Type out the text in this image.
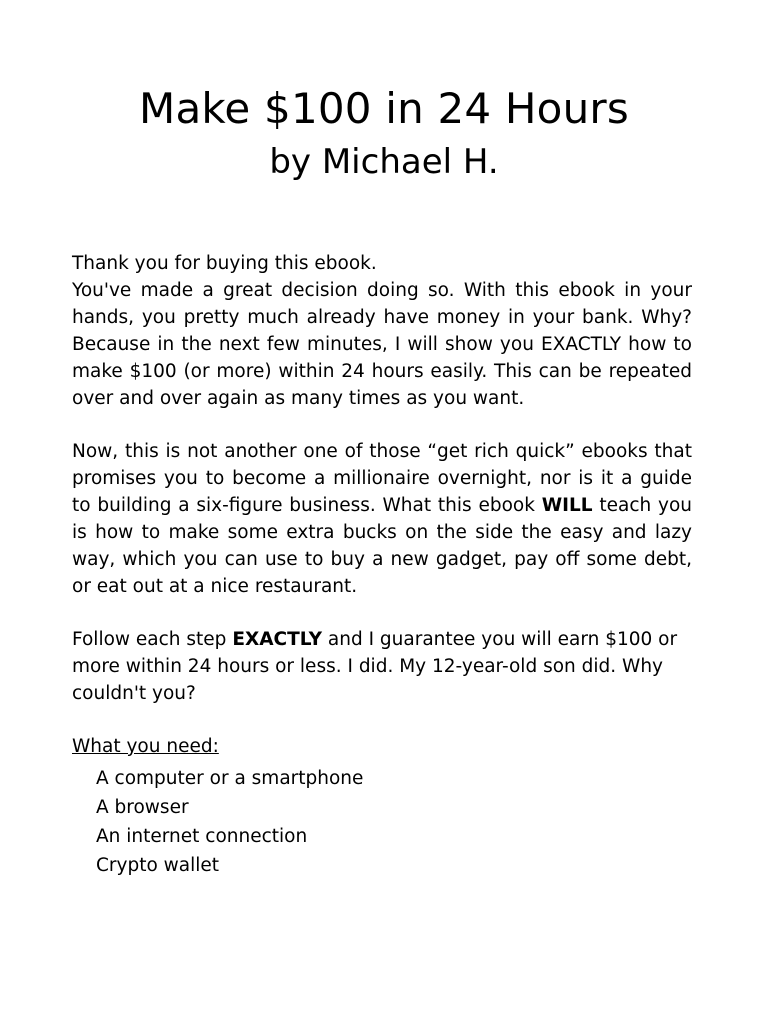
Make $100 in 24 Hours
by Michael H.

Thank you for buying this ebook.

You've made a great decision doing so. With this ebook in your hands, you pretty much already have money in your bank. Why? Because in the next few minutes, I will show you EXACTLY how to make $100 (or more) within 24 hours easily. This can be repeated over and over again as many times as you want.

Now, this is not another one of those “get rich quick” ebooks that promises you to become a millionaire overnight, nor is it a guide to building a six-figure business. What this ebook WILL teach you is how to make some extra bucks on the side the easy and lazy way, which you can use to buy a new gadget, pay off some debt, or eat out at a nice restaurant.

Follow each step EXACTLY and I guarantee you will earn $100 or more within 24 hours or less. I did. My 12-year-old son did. Why couldn't you?

What you need:

A computer or a smartphone
A browser
An internet connection
Crypto wallet
